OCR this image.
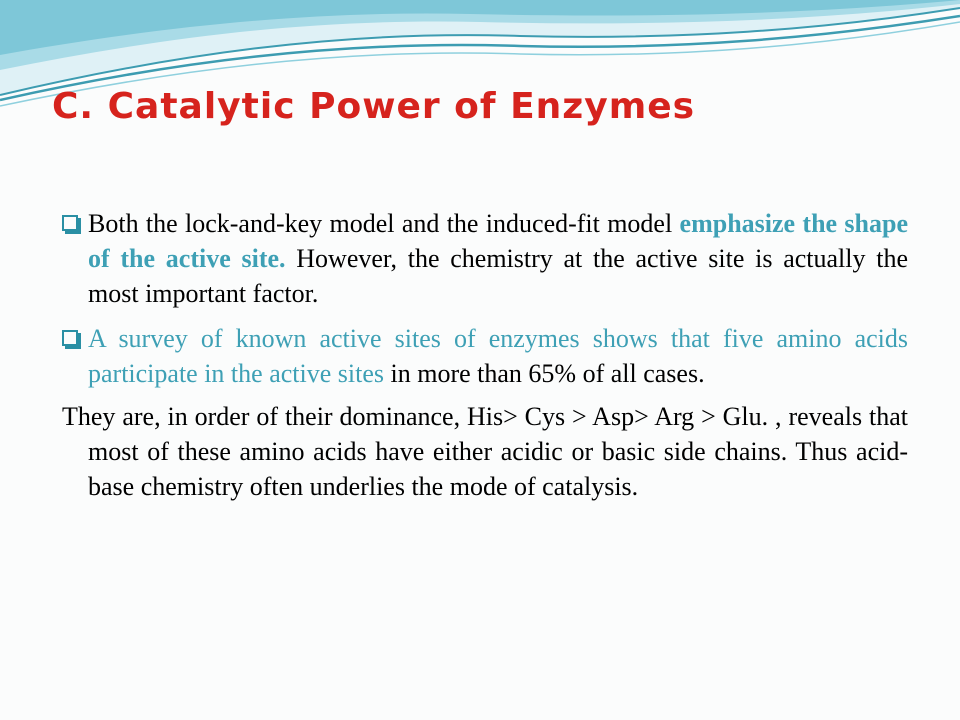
C. Catalytic Power of Enzymes

Both the lock-and-key model and the induced-fit model emphasize the shape of the active site. However, the chemistry at the active site is actually the most important factor.

A survey of known active sites of enzymes shows that five amino acids participate in the active sites in more than 65% of all cases.

They are, in order of their dominance, His> Cys > Asp> Arg > Glu. , reveals that most of these amino acids have either acidic or basic side chains. Thus acid-base chemistry often underlies the mode of catalysis.
